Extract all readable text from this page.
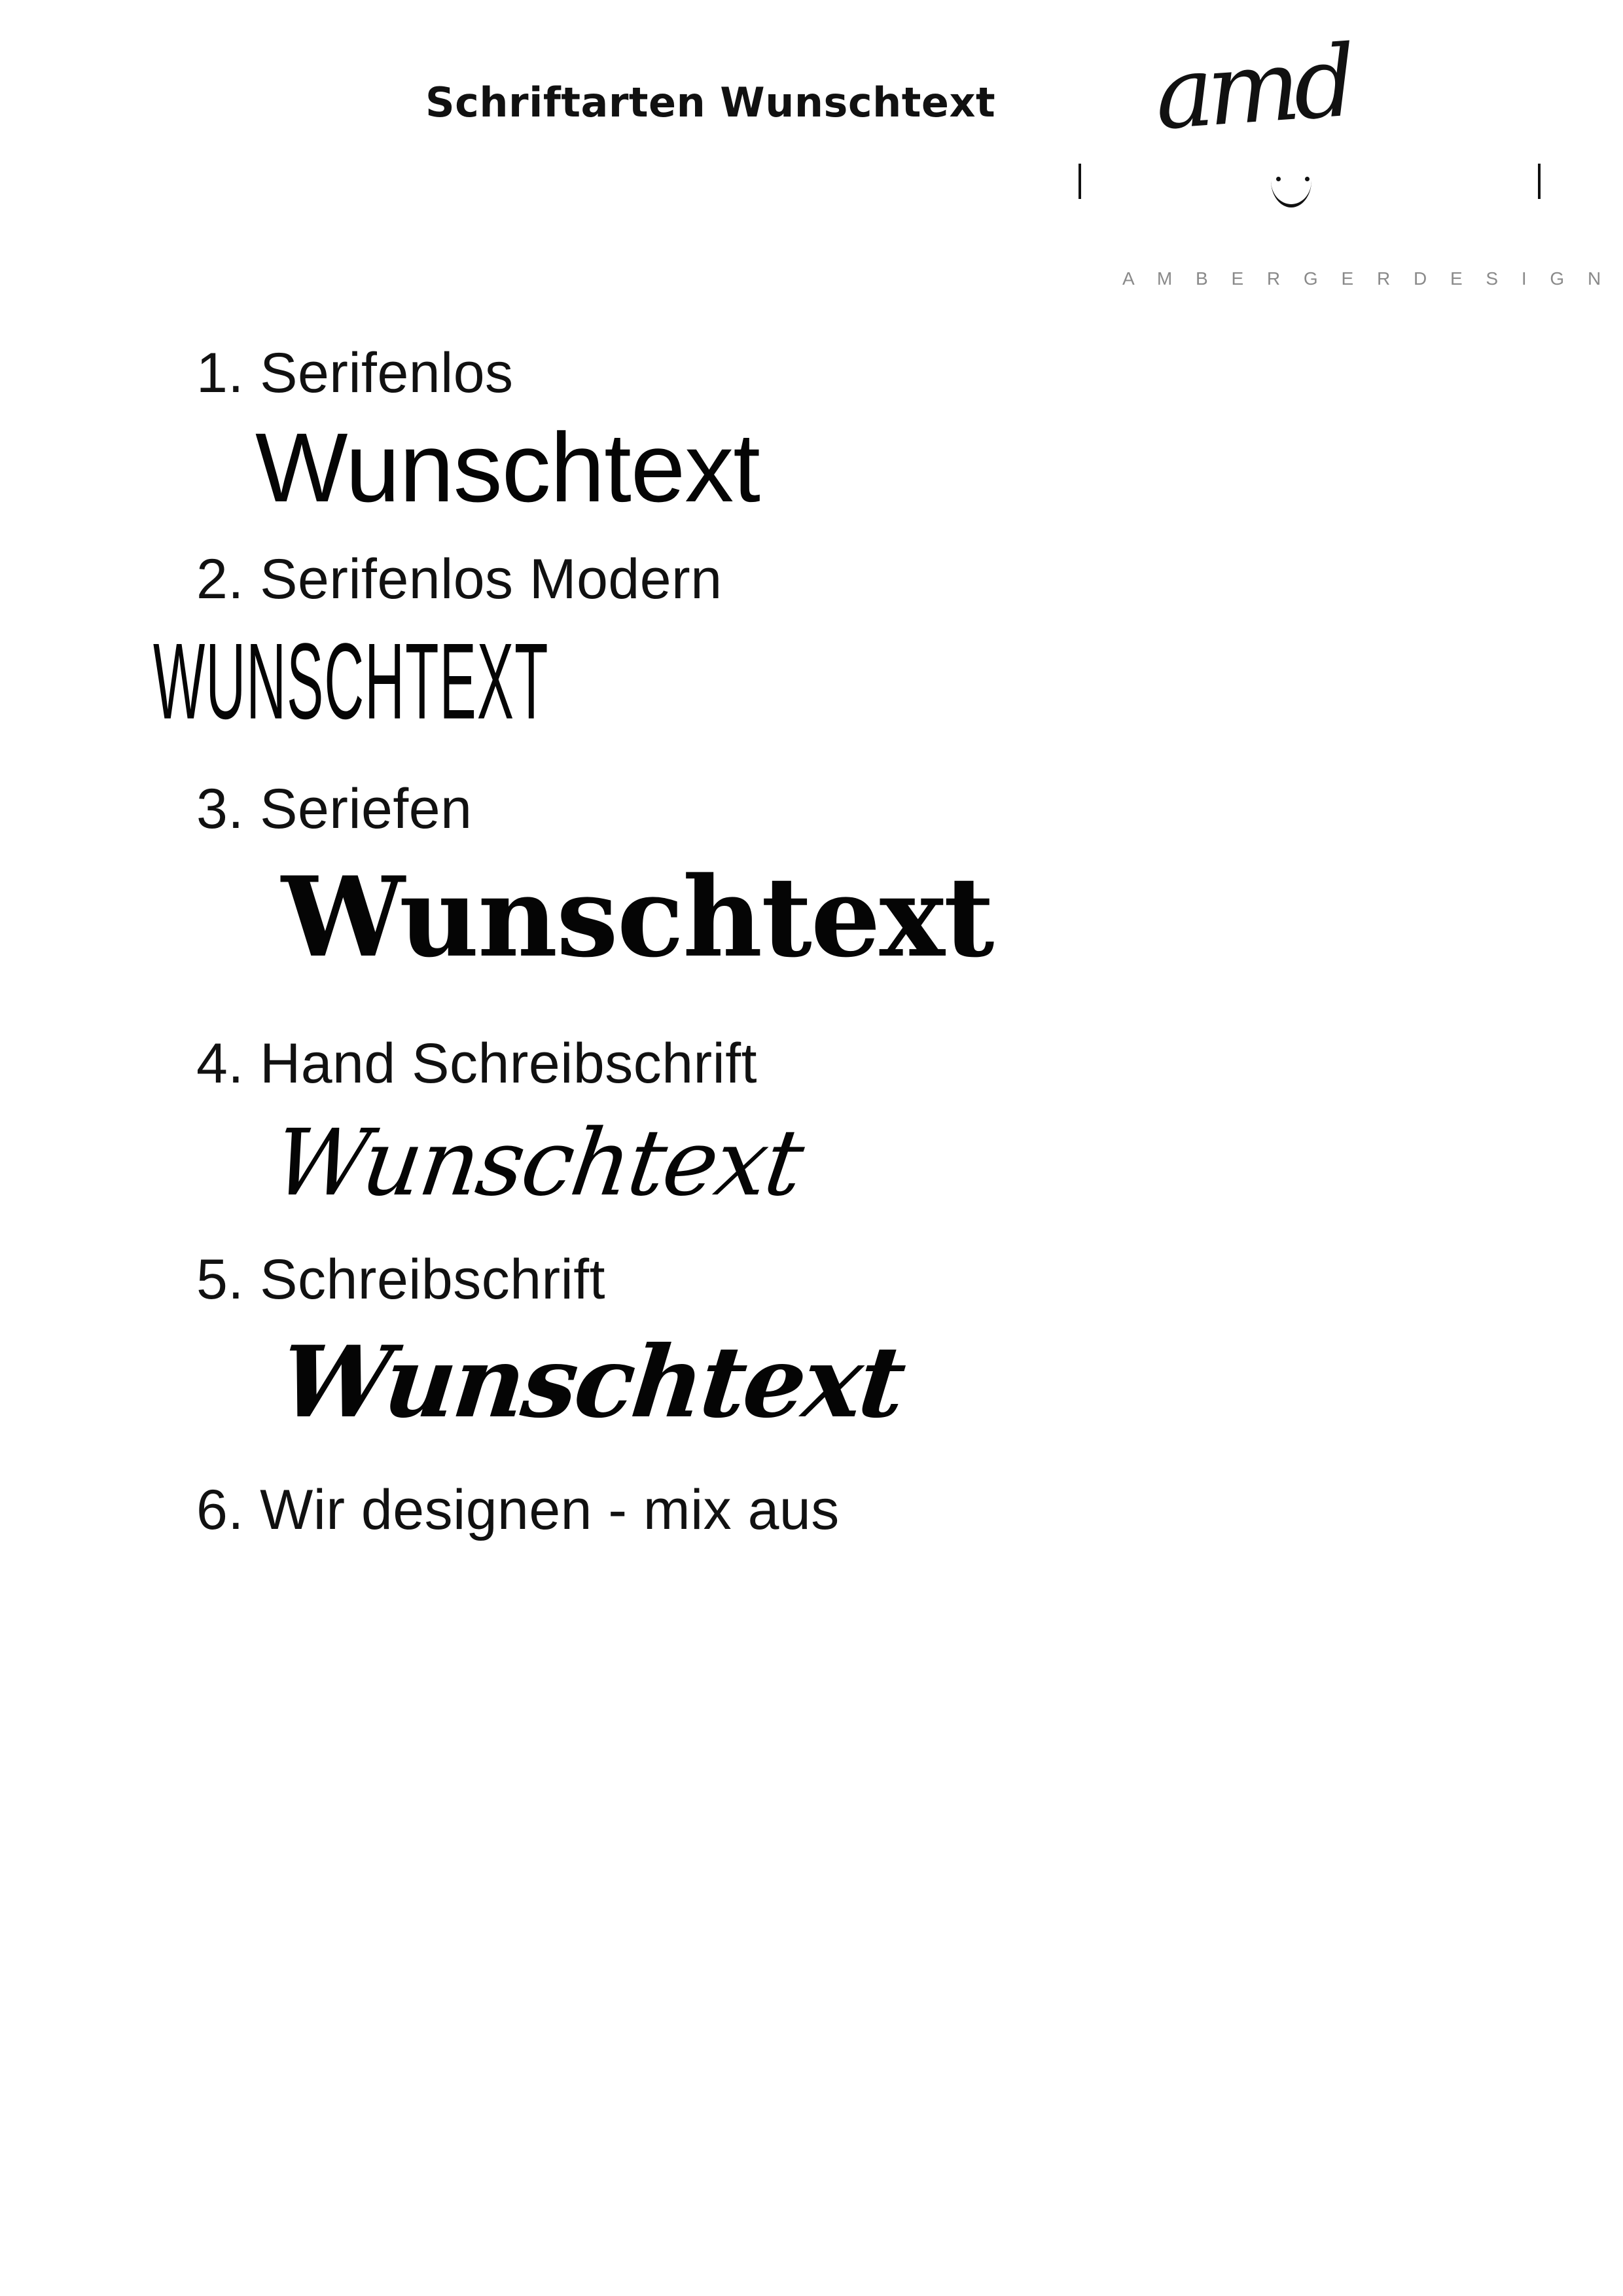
Schriftarten Wunschtext amd
A M B E R G E R D E S I G N
1. Serifenlos
Wunschtext
2. Serifenlos Modern
WUNSCHTEXT
3. Seriefen
Wunschtext
4. Hand Schreibschrift
Wunschtext
5. Schreibschrift
Wunschtext
6. Wir designen - mix aus
